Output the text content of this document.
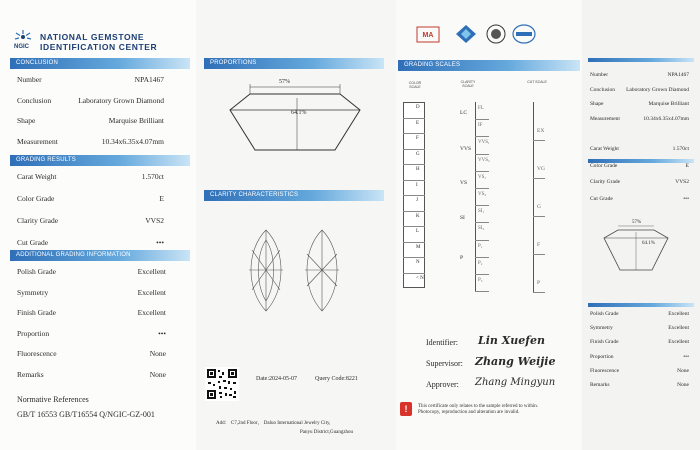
NGIC
NATIONAL GEMSTONE
IDENTIFICATION CENTER
CONCLUSION
Number	NPA1467
Conclusion	Laboratory Grown Diamond
Shape	Marquise Brilliant
Measurement	10.34x6.35x4.07mm
GRADING RESULTS
Carat Weight	1.570ct
Color Grade	E
Clarity Grade	VVS2
Cut Grade	•••
ADDITIONAL GRADING INFORMATION
Polish Grade	Excellent
Symmetry	Excellent
Finish Grade	Excellent
Proportion	•••
Fluorescence	None
Remarks	None
Normative References
GB/T 16553 GB/T16554 Q/NGIC-GZ-001
PROPORTIONS
57%
64.1%
CLARITY CHARACTERISTICS
Date:2024-05-07	Query Code:8221
Add： C7,2nd Floor， Daluo International Jewelry City,
Panyu District,Guangzhou
MA
GRADING SCALES
COLOR SCALE
CLARITY SCALE
CUT SCALE
D
E
F
G
H
I
J
K
L
M
N
< N
FL
IF
VVS₁
VVS₂
VS₁
VS₂
SI₁
SI₂
P₁
P₂
P₃
LC
VVS
VS
SI
P
EX
VG
G
F
P
Identifier: Lin Xuefen
Supervisor: Zhang Weijie
Approver: Zhang Mingyun
!	This certificate only relates to the sample referred to within. Photocopy, reproduction and alteration are invalid.
Number	NPA1467
Conclusion Laboratory Grown Diamond
Shape	Marquise Brilliant
Measurement	10.34x6.35x4.07mm
Carat Weight	1.570ct
Color Grade	E
Clarity Grade	VVS2
Cut Grade	•••
57%
64.1%
Polish Grade	Excellent
Symmetry	Excellent
Finish Grade	Excellent
Proportion	•••
Fluorescence	None
Remarks	None
